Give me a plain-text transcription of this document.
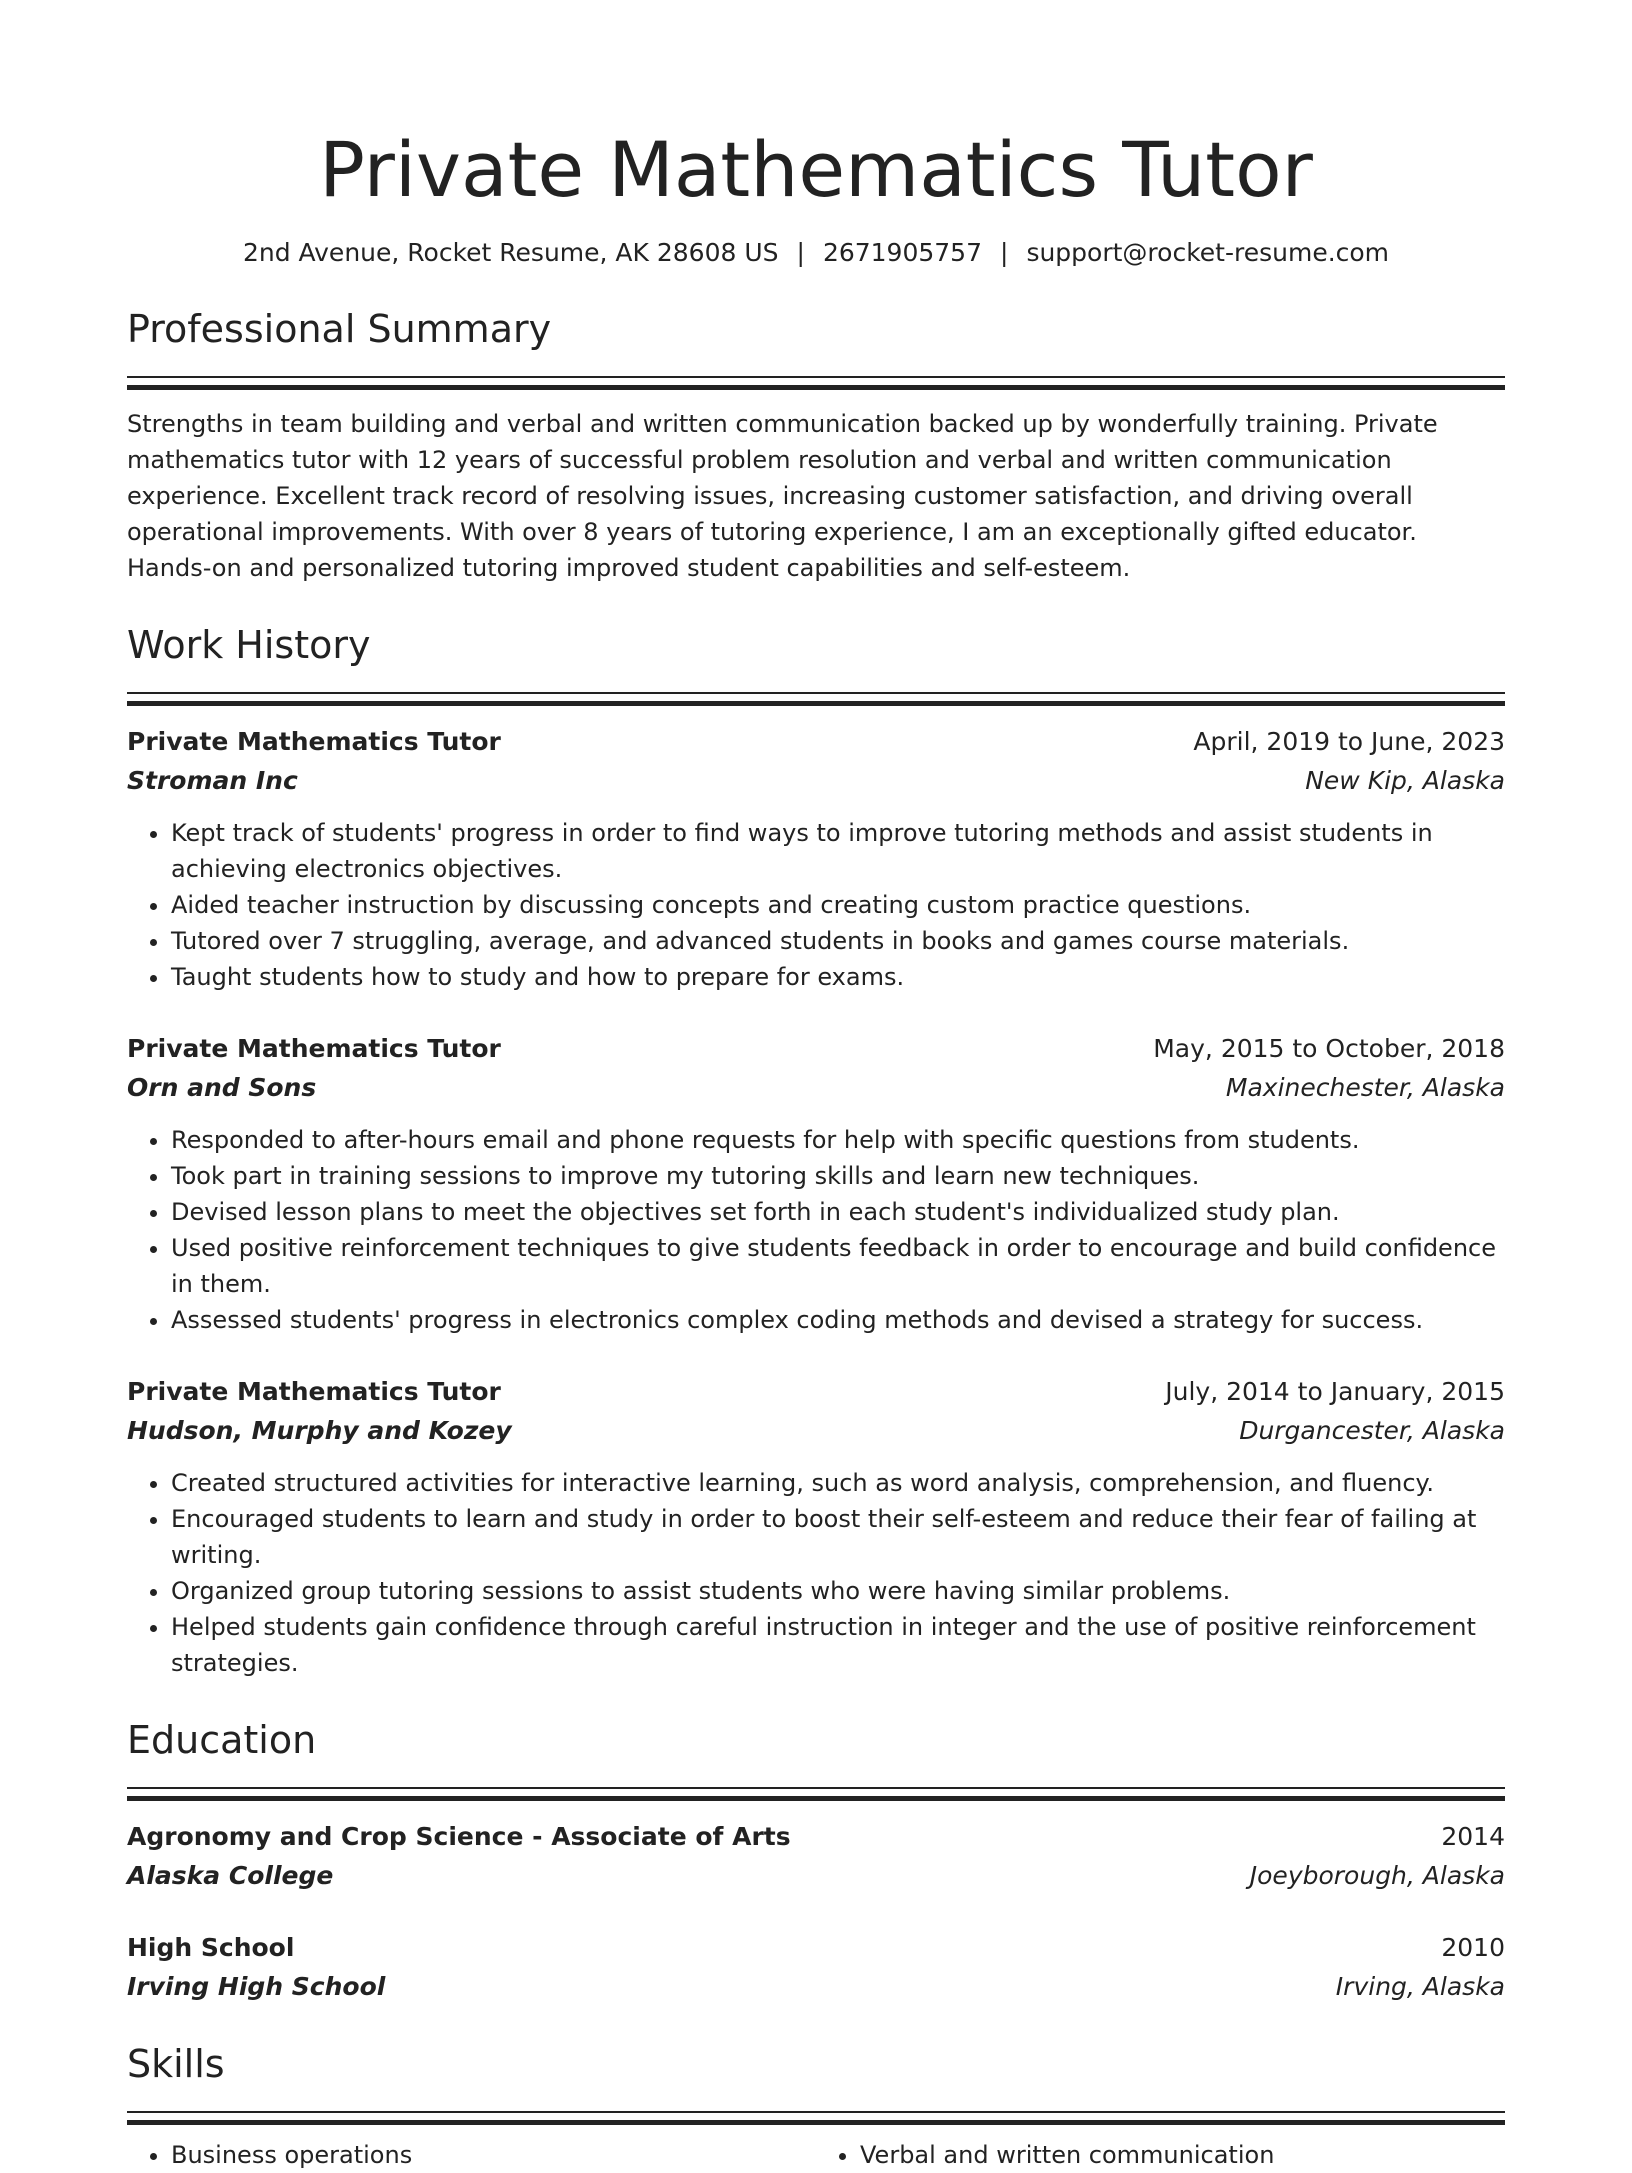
Private Mathematics Tutor
2nd Avenue, Rocket Resume, AK 28608 US | 2671905757 | support@rocket-resume.com
Professional Summary

Strengths in team building and verbal and written communication backed up by wonderfully training. Private mathematics tutor with 12 years of successful problem resolution and verbal and written communication experience. Excellent track record of resolving issues, increasing customer satisfaction, and driving overall operational improvements. With over 8 years of tutoring experience, I am an exceptionally gifted educator. Hands-on and personalized tutoring improved student capabilities and self-esteem.

Work History
Private Mathematics Tutor	April, 2019 to June, 2023
Stroman Inc	New Kip, Alaska
• Kept track of students' progress in order to find ways to improve tutoring methods and assist students in achieving electronics objectives.
• Aided teacher instruction by discussing concepts and creating custom practice questions.
• Tutored over 7 struggling, average, and advanced students in books and games course materials.
• Taught students how to study and how to prepare for exams.
Private Mathematics Tutor	May, 2015 to October, 2018
Orn and Sons	Maxinechester, Alaska
• Responded to after-hours email and phone requests for help with specific questions from students.
• Took part in training sessions to improve my tutoring skills and learn new techniques.
• Devised lesson plans to meet the objectives set forth in each student's individualized study plan.
• Used positive reinforcement techniques to give students feedback in order to encourage and build confidence in them.
• Assessed students' progress in electronics complex coding methods and devised a strategy for success.
Private Mathematics Tutor	July, 2014 to January, 2015
Hudson, Murphy and Kozey	Durgancester, Alaska
• Created structured activities for interactive learning, such as word analysis, comprehension, and fluency.
• Encouraged students to learn and study in order to boost their self-esteem and reduce their fear of failing at writing.
• Organized group tutoring sessions to assist students who were having similar problems.
• Helped students gain confidence through careful instruction in integer and the use of positive reinforcement strategies.
Education
Agronomy and Crop Science - Associate of Arts	2014
Alaska College	Joeyborough, Alaska
High School	2010
Irving High School	Irving, Alaska
Skills
• Business operations
•	Verbal and written communication
